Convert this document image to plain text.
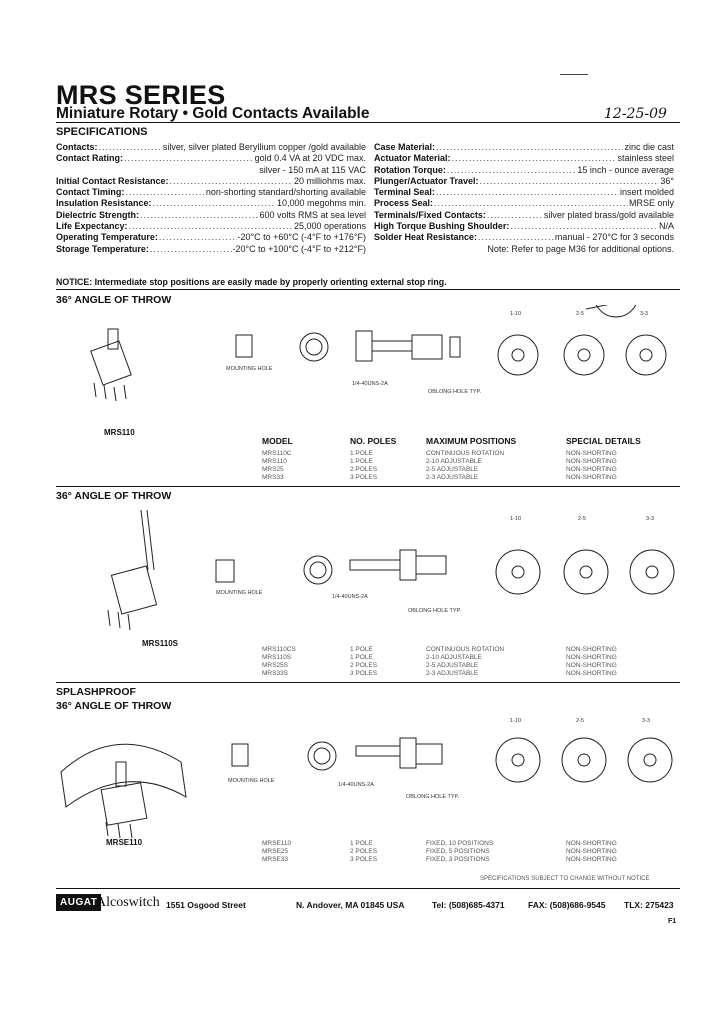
MRS SERIES
Miniature Rotary • Gold Contacts Available	12-25-09
SPECIFICATIONS
Contacts: .....	silver, silver plated Beryllium copper /gold available
Contact Rating: .....	gold 0.4 VA at 20 VDC max.
silver - 150 mA at 115 VAC
Initial Contact Resistance: .....	20 milliohms max.
Contact Timing: .....	non-shorting standard/shorting available
Insulation Resistance: .....	10,000 megohms min.
Dielectric Strength: .....	600 volts RMS at sea level
Life Expectancy: .....	25,000 operations
Operating Temperature: .....	-20°C to +60°C (-4°F to +176°F)
Storage Temperature: .....	-20°C to +100°C (-4°F to +212°F)
Case Material: .....	zinc die cast
Actuator Material: .....	stainless steel
Rotation Torque: .....	15 inch - ounce average
Plunger/Actuator Travel: .....	36°
Terminal Seal: .....	insert molded
Process Seal: .....	MRSE only
Terminals/Fixed Contacts: .....	silver plated brass/gold available
High Torque Bushing Shoulder: .....	N/A
Solder Heat Resistance: .....	manual - 270°C for 3 seconds
Note: Refer to page M36 for additional options.
NOTICE: Intermediate stop positions are easily made by properly orienting external stop ring.
36° ANGLE OF THROW
MOUNTING HOLE
1/4-40UNS-2A
OBLONG HOLE TYP.
1-10	2-5	3-3
MRS110
MODEL	NO. POLES	MAXIMUM POSITIONS	SPECIAL DETAILS
MRS110C	1 POLE	CONTINUOUS ROTATION	NON-SHORTING
MRS110	1 POLE	2-10 ADJUSTABLE	NON-SHORTING
MRS25	2 POLES	2-5 ADJUSTABLE	NON-SHORTING
MRS33	3 POLES	2-3 ADJUSTABLE	NON-SHORTING
36° ANGLE OF THROW
MOUNTING HOLE
1/4-40UNS-2A
OBLONG HOLE TYP.
1-10	2-5	3-3
MRS110S
MRS110CS	1 POLE	CONTINUOUS ROTATION	NON-SHORTING
MRS110S	1 POLE	2-10 ADJUSTABLE	NON-SHORTING
MRS25S	2 POLES	2-5 ADJUSTABLE	NON-SHORTING
MRS33S	3 POLES	2-3 ADJUSTABLE	NON-SHORTING
SPLASHPROOF
36° ANGLE OF THROW
MOUNTING HOLE
1/4-40UNS-2A
OBLONG HOLE TYP.
1-10	2-5	3-3
MRSE110	MRSE110	1 POLE	FIXED, 10 POSITIONS	NON-SHORTING
MRSE25	2 POLES	FIXED, 5 POSITIONS	NON-SHORTING
MRSE33	3 POLES	FIXED, 3 POSITIONS	NON-SHORTING
SPECIFICATIONS SUBJECT TO CHANGE WITHOUT NOTICE
AUGAT
Alcoswitch 1551 Osgood Street	N. Andover, MA 01845 USA	Tel: (508)685-4371	FAX: (508)686-9545 TLX: 275423
F1
